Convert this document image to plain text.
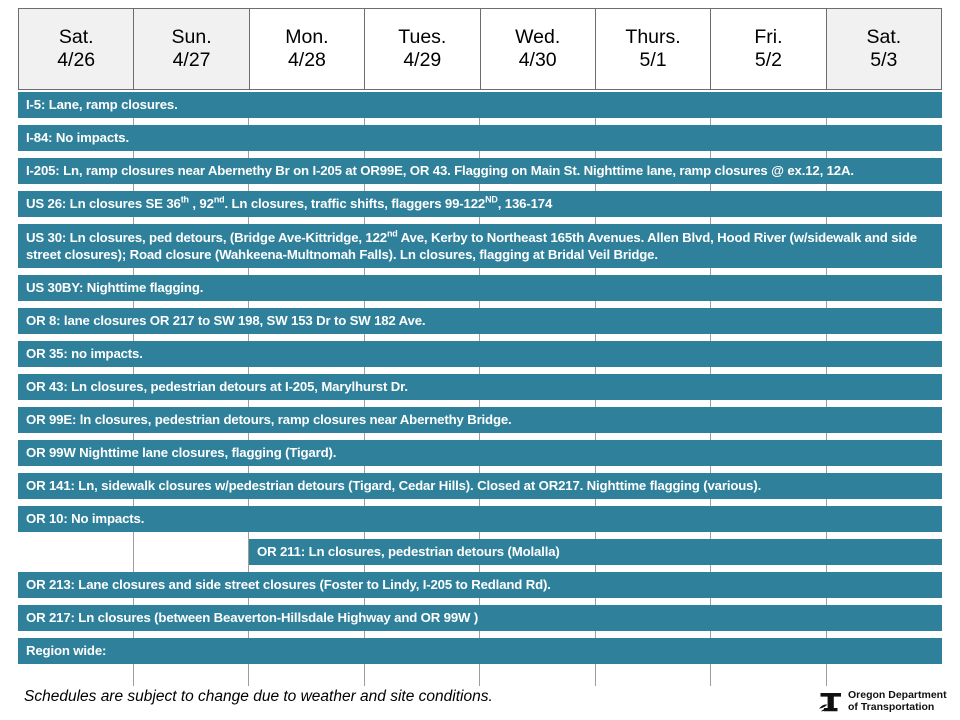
Sat.
4/26
Sun.
4/27
Mon.
4/28
Tues.
4/29
Wed.
4/30
Thurs.
5/1
Fri.
5/2
Sat.
5/3
I-5: Lane, ramp closures.
I-84: No impacts.
I-205: Ln, ramp closures near Abernethy Br on I-205 at OR99E, OR 43. Flagging on Main St. Nighttime lane, ramp closures @ ex.12, 12A.
US 26: Ln closures SE 36th , 92nd. Ln closures, traffic shifts, flaggers 99-122ND, 136-174
US 30: Ln closures, ped detours, (Bridge Ave-Kittridge, 122nd Ave, Kerby to Northeast 165th Avenues. Allen Blvd, Hood River (w/sidewalk and side street closures); Road closure (Wahkeena-Multnomah Falls). Ln closures, flagging at Bridal Veil Bridge.
US 30BY: Nighttime flagging.
OR 8: lane closures OR 217 to SW 198, SW 153 Dr to SW 182 Ave.
OR 35: no impacts.
OR 43: Ln closures, pedestrian detours at I-205, Marylhurst Dr.
OR 99E: ln closures, pedestrian detours, ramp closures near Abernethy Bridge.
OR 99W Nighttime lane closures, flagging (Tigard).
OR 141: Ln, sidewalk closures w/pedestrian detours (Tigard, Cedar Hills). Closed at OR217. Nighttime flagging (various).
OR 10: No impacts.
OR 211: Ln closures, pedestrian detours (Molalla)
OR 213: Lane closures and side street closures (Foster to Lindy, I-205 to Redland Rd).
OR 217: Ln closures (between Beaverton-Hillsdale Highway and OR 99W )
Region wide:
Schedules are subject to change due to weather and site conditions.	Oregon Department
of Transportation
